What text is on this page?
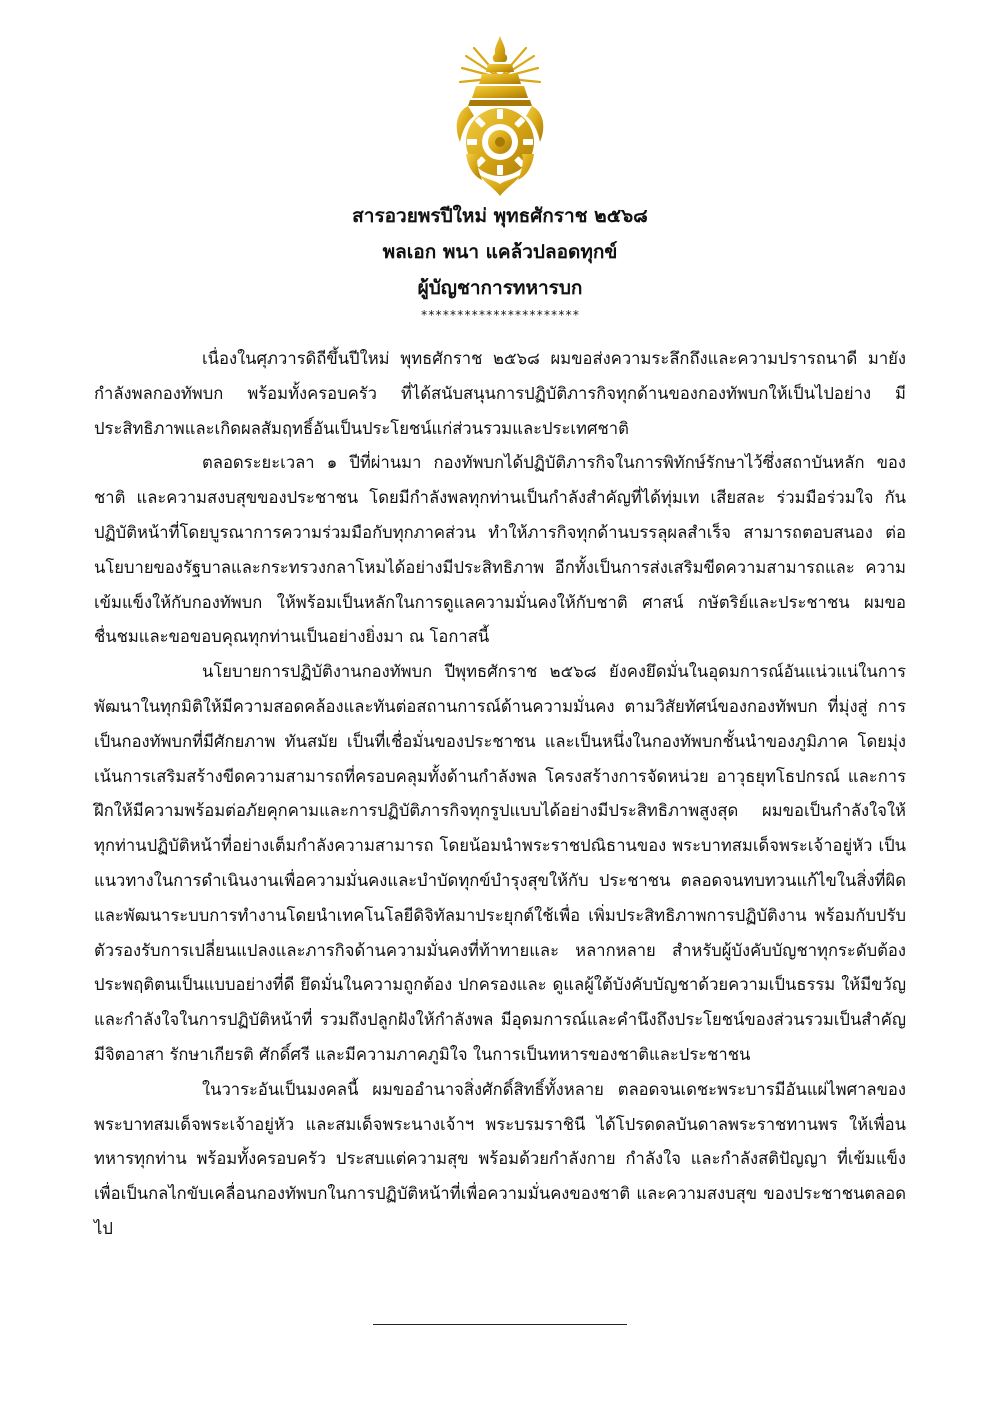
สารอวยพรปีใหม่ พุทธศักราช ๒๕๖๘
พลเอก พนา แคล้วปลอดทุกข์
ผู้บัญชาการทหารบก
**********************

เนื่องในศุภวารดิถีขึ้นปีใหม่ พุทธศักราช ๒๕๖๘ ผมขอส่งความระลึกถึงและความปรารถนาดี มายังกำลังพลกองทัพบก พร้อมทั้งครอบครัว ที่ได้สนับสนุนการปฏิบัติภารกิจทุกด้านของกองทัพบกให้เป็นไปอย่าง มีประสิทธิภาพและเกิดผลสัมฤทธิ์อันเป็นประโยชน์แก่ส่วนรวมและประเทศชาติ

ตลอดระยะเวลา ๑ ปีที่ผ่านมา กองทัพบกได้ปฏิบัติภารกิจในการพิทักษ์รักษาไว้ซึ่งสถาบันหลัก ของชาติ และความสงบสุขของประชาชน โดยมีกำลังพลทุกท่านเป็นกำลังสำคัญที่ได้ทุ่มเท เสียสละ ร่วมมือร่วมใจ กันปฏิบัติหน้าที่โดยบูรณาการความร่วมมือกับทุกภาคส่วน ทำให้ภารกิจทุกด้านบรรลุผลสำเร็จ สามารถตอบสนอง ต่อนโยบายของรัฐบาลและกระทรวงกลาโหมได้อย่างมีประสิทธิภาพ อีกทั้งเป็นการส่งเสริมขีดความสามารถและ ความเข้มแข็งให้กับกองทัพบก ให้พร้อมเป็นหลักในการดูแลความมั่นคงให้กับชาติ ศาสน์ กษัตริย์และประชาชน ผมขอชื่นชมและขอขอบคุณทุกท่านเป็นอย่างยิ่งมา ณ โอกาสนี้

นโยบายการปฏิบัติงานกองทัพบก ปีพุทธศักราช ๒๕๖๘ ยังคงยึดมั่นในอุดมการณ์อันแน่วแน่ในการ พัฒนาในทุกมิติให้มีความสอดคล้องและทันต่อสถานการณ์ด้านความมั่นคง ตามวิสัยทัศน์ของกองทัพบก ที่มุ่งสู่ การเป็นกองทัพบกที่มีศักยภาพ ทันสมัย เป็นที่เชื่อมั่นของประชาชน และเป็นหนึ่งในกองทัพบกชั้นนำของภูมิภาค โดยมุ่งเน้นการเสริมสร้างขีดความสามารถที่ครอบคลุมทั้งด้านกำลังพล โครงสร้างการจัดหน่วย อาวุธยุทโธปกรณ์ และการฝึกให้มีความพร้อมต่อภัยคุกคามและการปฏิบัติภารกิจทุกรูปแบบได้อย่างมีประสิทธิภาพสูงสุด ผมขอเป็นกำลังใจให้ทุกท่านปฏิบัติหน้าที่อย่างเต็มกำลังความสามารถ โดยน้อมนำพระราชปณิธานของ พระบาทสมเด็จพระเจ้าอยู่หัว เป็นแนวทางในการดำเนินงานเพื่อความมั่นคงและบำบัดทุกข์บำรุงสุขให้กับ ประชาชน ตลอดจนทบทวนแก้ไขในสิ่งที่ผิด และพัฒนาระบบการทำงานโดยนำเทคโนโลยีดิจิทัลมาประยุกต์ใช้เพื่อ เพิ่มประสิทธิภาพการปฏิบัติงาน พร้อมกับปรับตัวรองรับการเปลี่ยนแปลงและภารกิจด้านความมั่นคงที่ท้าทายและ หลากหลาย สำหรับผู้บังคับบัญชาทุกระดับต้องประพฤติตนเป็นแบบอย่างที่ดี ยึดมั่นในความถูกต้อง ปกครองและ ดูแลผู้ใต้บังคับบัญชาด้วยความเป็นธรรม ให้มีขวัญและกำลังใจในการปฏิบัติหน้าที่ รวมถึงปลูกฝังให้กำลังพล มีอุดมการณ์และคำนึงถึงประโยชน์ของส่วนรวมเป็นสำคัญ มีจิตอาสา รักษาเกียรติ ศักดิ์ศรี และมีความภาคภูมิใจ ในการเป็นทหารของชาติและประชาชน

ในวาระอันเป็นมงคลนี้ ผมขออำนาจสิ่งศักดิ์สิทธิ์ทั้งหลาย ตลอดจนเดชะพระบารมีอันแผ่ไพศาลของ พระบาทสมเด็จพระเจ้าอยู่หัว และสมเด็จพระนางเจ้าฯ พระบรมราชินี ได้โปรดดลบันดาลพระราชทานพร ให้เพื่อนทหารทุกท่าน พร้อมทั้งครอบครัว ประสบแต่ความสุข พร้อมด้วยกำลังกาย กำลังใจ และกำลังสติปัญญา ที่เข้มแข็ง เพื่อเป็นกลไกขับเคลื่อนกองทัพบกในการปฏิบัติหน้าที่เพื่อความมั่นคงของชาติ และความสงบสุข ของประชาชนตลอดไป
